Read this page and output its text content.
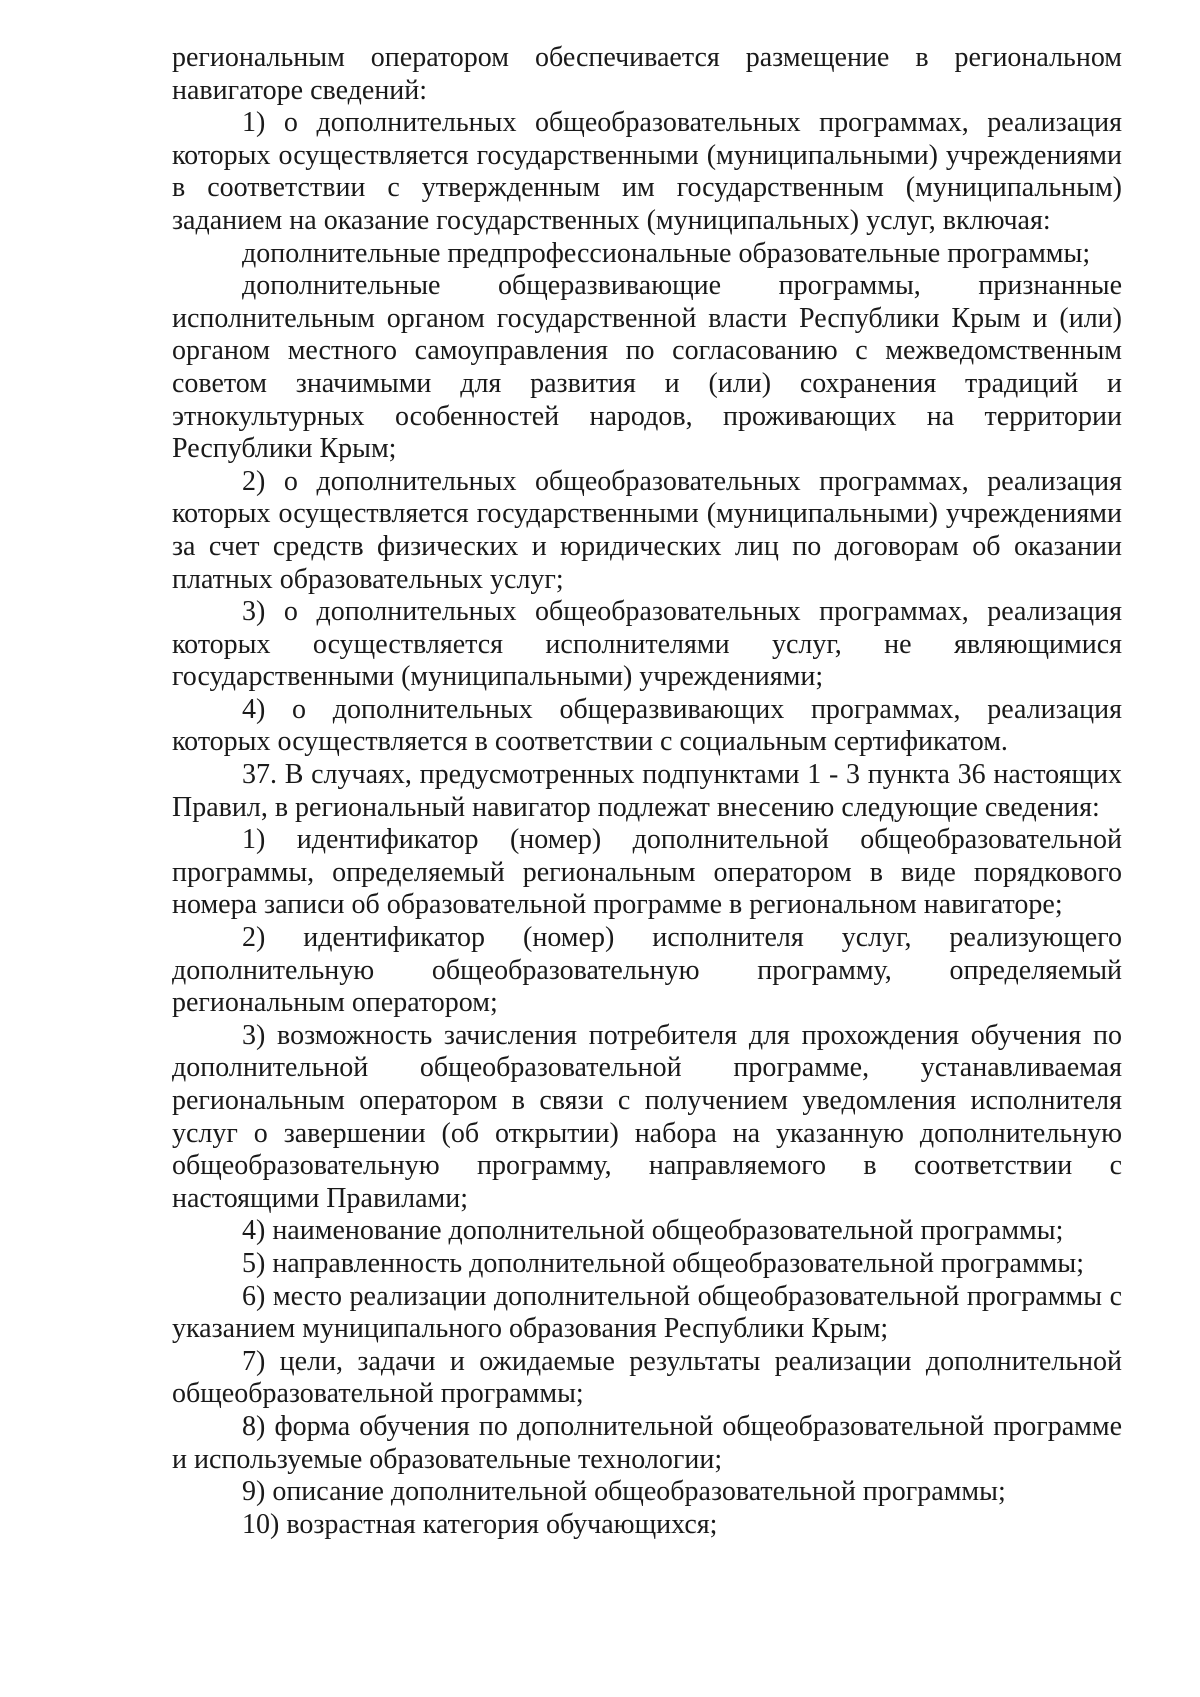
региональным оператором обеспечивается размещение в региональном навигаторе сведений:

1) о дополнительных общеобразовательных программах, реализация которых осуществляется государственными (муниципальными) учреждениями в соответствии с утвержденным им государственным (муниципальным) заданием на оказание государственных (муниципальных) услуг, включая:

дополнительные предпрофессиональные образовательные программы;

дополнительные общеразвивающие программы, признанные исполнительным органом государственной власти Республики Крым и (или) органом местного самоуправления по согласованию с межведомственным советом значимыми для развития и (или) сохранения традиций и этнокультурных особенностей народов, проживающих на территории Республики Крым;

2) о дополнительных общеобразовательных программах, реализация которых осуществляется государственными (муниципальными) учреждениями за счет средств физических и юридических лиц по договорам об оказании платных образовательных услуг;

3) о дополнительных общеобразовательных программах, реализация которых осуществляется исполнителями услуг, не являющимися государственными (муниципальными) учреждениями;

4) о дополнительных общеразвивающих программах, реализация которых осуществляется в соответствии с социальным сертификатом.

37. В случаях, предусмотренных подпунктами 1 - 3 пункта 36 настоящих Правил, в региональный навигатор подлежат внесению следующие сведения:

1) идентификатор (номер) дополнительной общеобразовательной программы, определяемый региональным оператором в виде порядкового номера записи об образовательной программе в региональном навигаторе;

2) идентификатор (номер) исполнителя услуг, реализующего дополнительную общеобразовательную программу, определяемый региональным оператором;

3) возможность зачисления потребителя для прохождения обучения по дополнительной общеобразовательной программе, устанавливаемая региональным оператором в связи с получением уведомления исполнителя услуг о завершении (об открытии) набора на указанную дополнительную общеобразовательную программу, направляемого в соответствии с настоящими Правилами;

4) наименование дополнительной общеобразовательной программы;

5) направленность дополнительной общеобразовательной программы;

6) место реализации дополнительной общеобразовательной программы с указанием муниципального образования Республики Крым;

7) цели, задачи и ожидаемые результаты реализации дополнительной общеобразовательной программы;

8) форма обучения по дополнительной общеобразовательной программе и используемые образовательные технологии;

9) описание дополнительной общеобразовательной программы;

10) возрастная категория обучающихся;
